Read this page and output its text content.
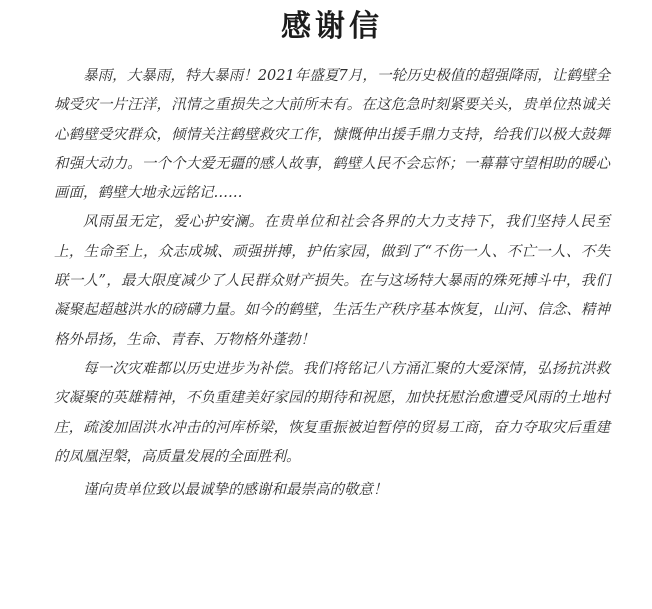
感谢信

暴雨，大暴雨，特大暴雨！2021年盛夏7月，一轮历史极值的超强降雨，让鹤壁全城受灾一片汪洋，汛情之重损失之大前所未有。在这危急时刻紧要关头，贵单位热诚关心鹤壁受灾群众，倾情关注鹤壁救灾工作，慷慨伸出援手鼎力支持，给我们以极大鼓舞和强大动力。一个个大爱无疆的感人故事，鹤壁人民不会忘怀；一幕幕守望相助的暖心画面，鹤壁大地永远铭记……

风雨虽无定，爱心护安澜。在贵单位和社会各界的大力支持下，我们坚持人民至上，生命至上，众志成城、顽强拼搏，护佑家园，做到了“不伤一人、不亡一人、不失联一人”，最大限度减少了人民群众财产损失。在与这场特大暴雨的殊死搏斗中，我们凝聚起超越洪水的磅礴力量。如今的鹤壁，生活生产秩序基本恢复，山河、信念、精神格外昂扬，生命、青春、万物格外蓬勃！

每一次灾难都以历史进步为补偿。我们将铭记八方涌汇聚的大爱深情，弘扬抗洪救灾凝聚的英雄精神，不负重建美好家园的期待和祝愿，加快抚慰治愈遭受风雨的土地村庄，疏浚加固洪水冲击的河库桥梁，恢复重振被迫暂停的贸易工商，奋力夺取灾后重建的凤凰涅槃，高质量发展的全面胜利。

谨向贵单位致以最诚挚的感谢和最崇高的敬意！
